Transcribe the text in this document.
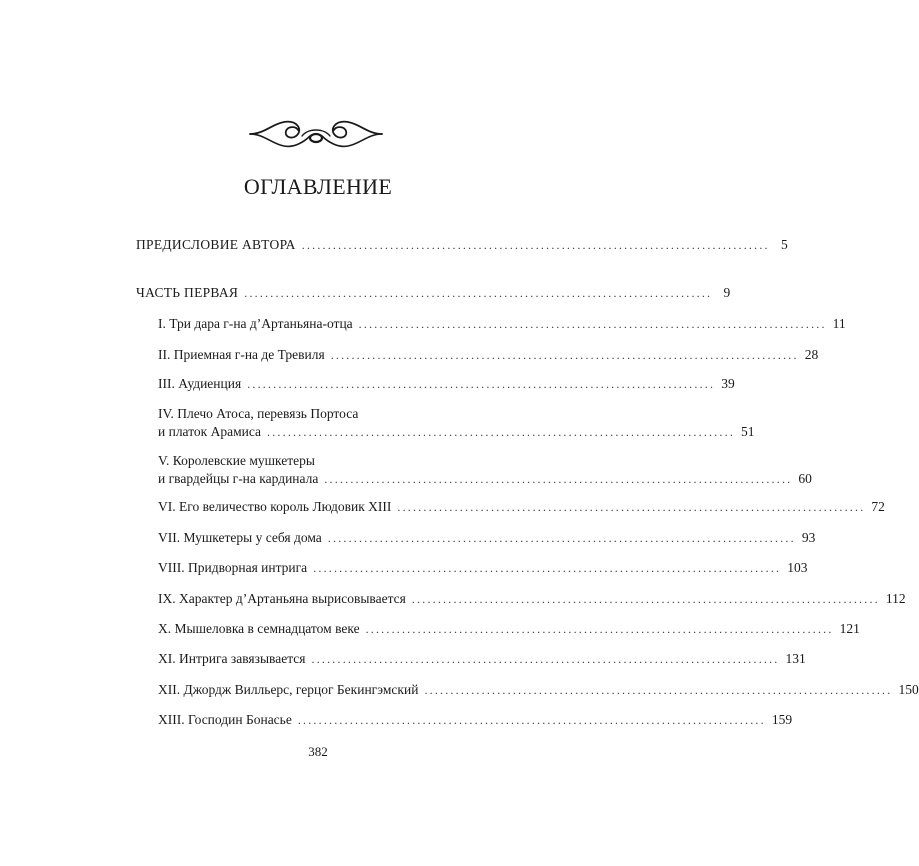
ОГЛАВЛЕНИЕ
ПРЕДИСЛОВИЕ АВТОРА .......................................................................................... 5
ЧАСТЬ ПЕРВАЯ .......................................................................................... 9
I. Три дара г-на д’Артаньяна-отца .......................................................................................... 11
II. Приемная г-на де Тревиля .......................................................................................... 28
III. Аудиенция .......................................................................................... 39
IV. Плечо Атоса, перевязь Портоса
и платок Арамиса .......................................................................................... 51
V. Королевские мушкетеры
и гвардейцы г-на кардинала .......................................................................................... 60
VI. Его величество король Людовик XIII .......................................................................................... 72
VII. Мушкетеры у себя дома .......................................................................................... 93
VIII. Придворная интрига .......................................................................................... 103
IX. Характер д’Артаньяна вырисовывается .......................................................................................... 112
X. Мышеловка в семнадцатом веке .......................................................................................... 121
XI. Интрига завязывается .......................................................................................... 131
XII. Джордж Вилльерс, герцог Бекингэмский .......................................................................................... 150
XIII. Господин Бонасье .......................................................................................... 159
382
